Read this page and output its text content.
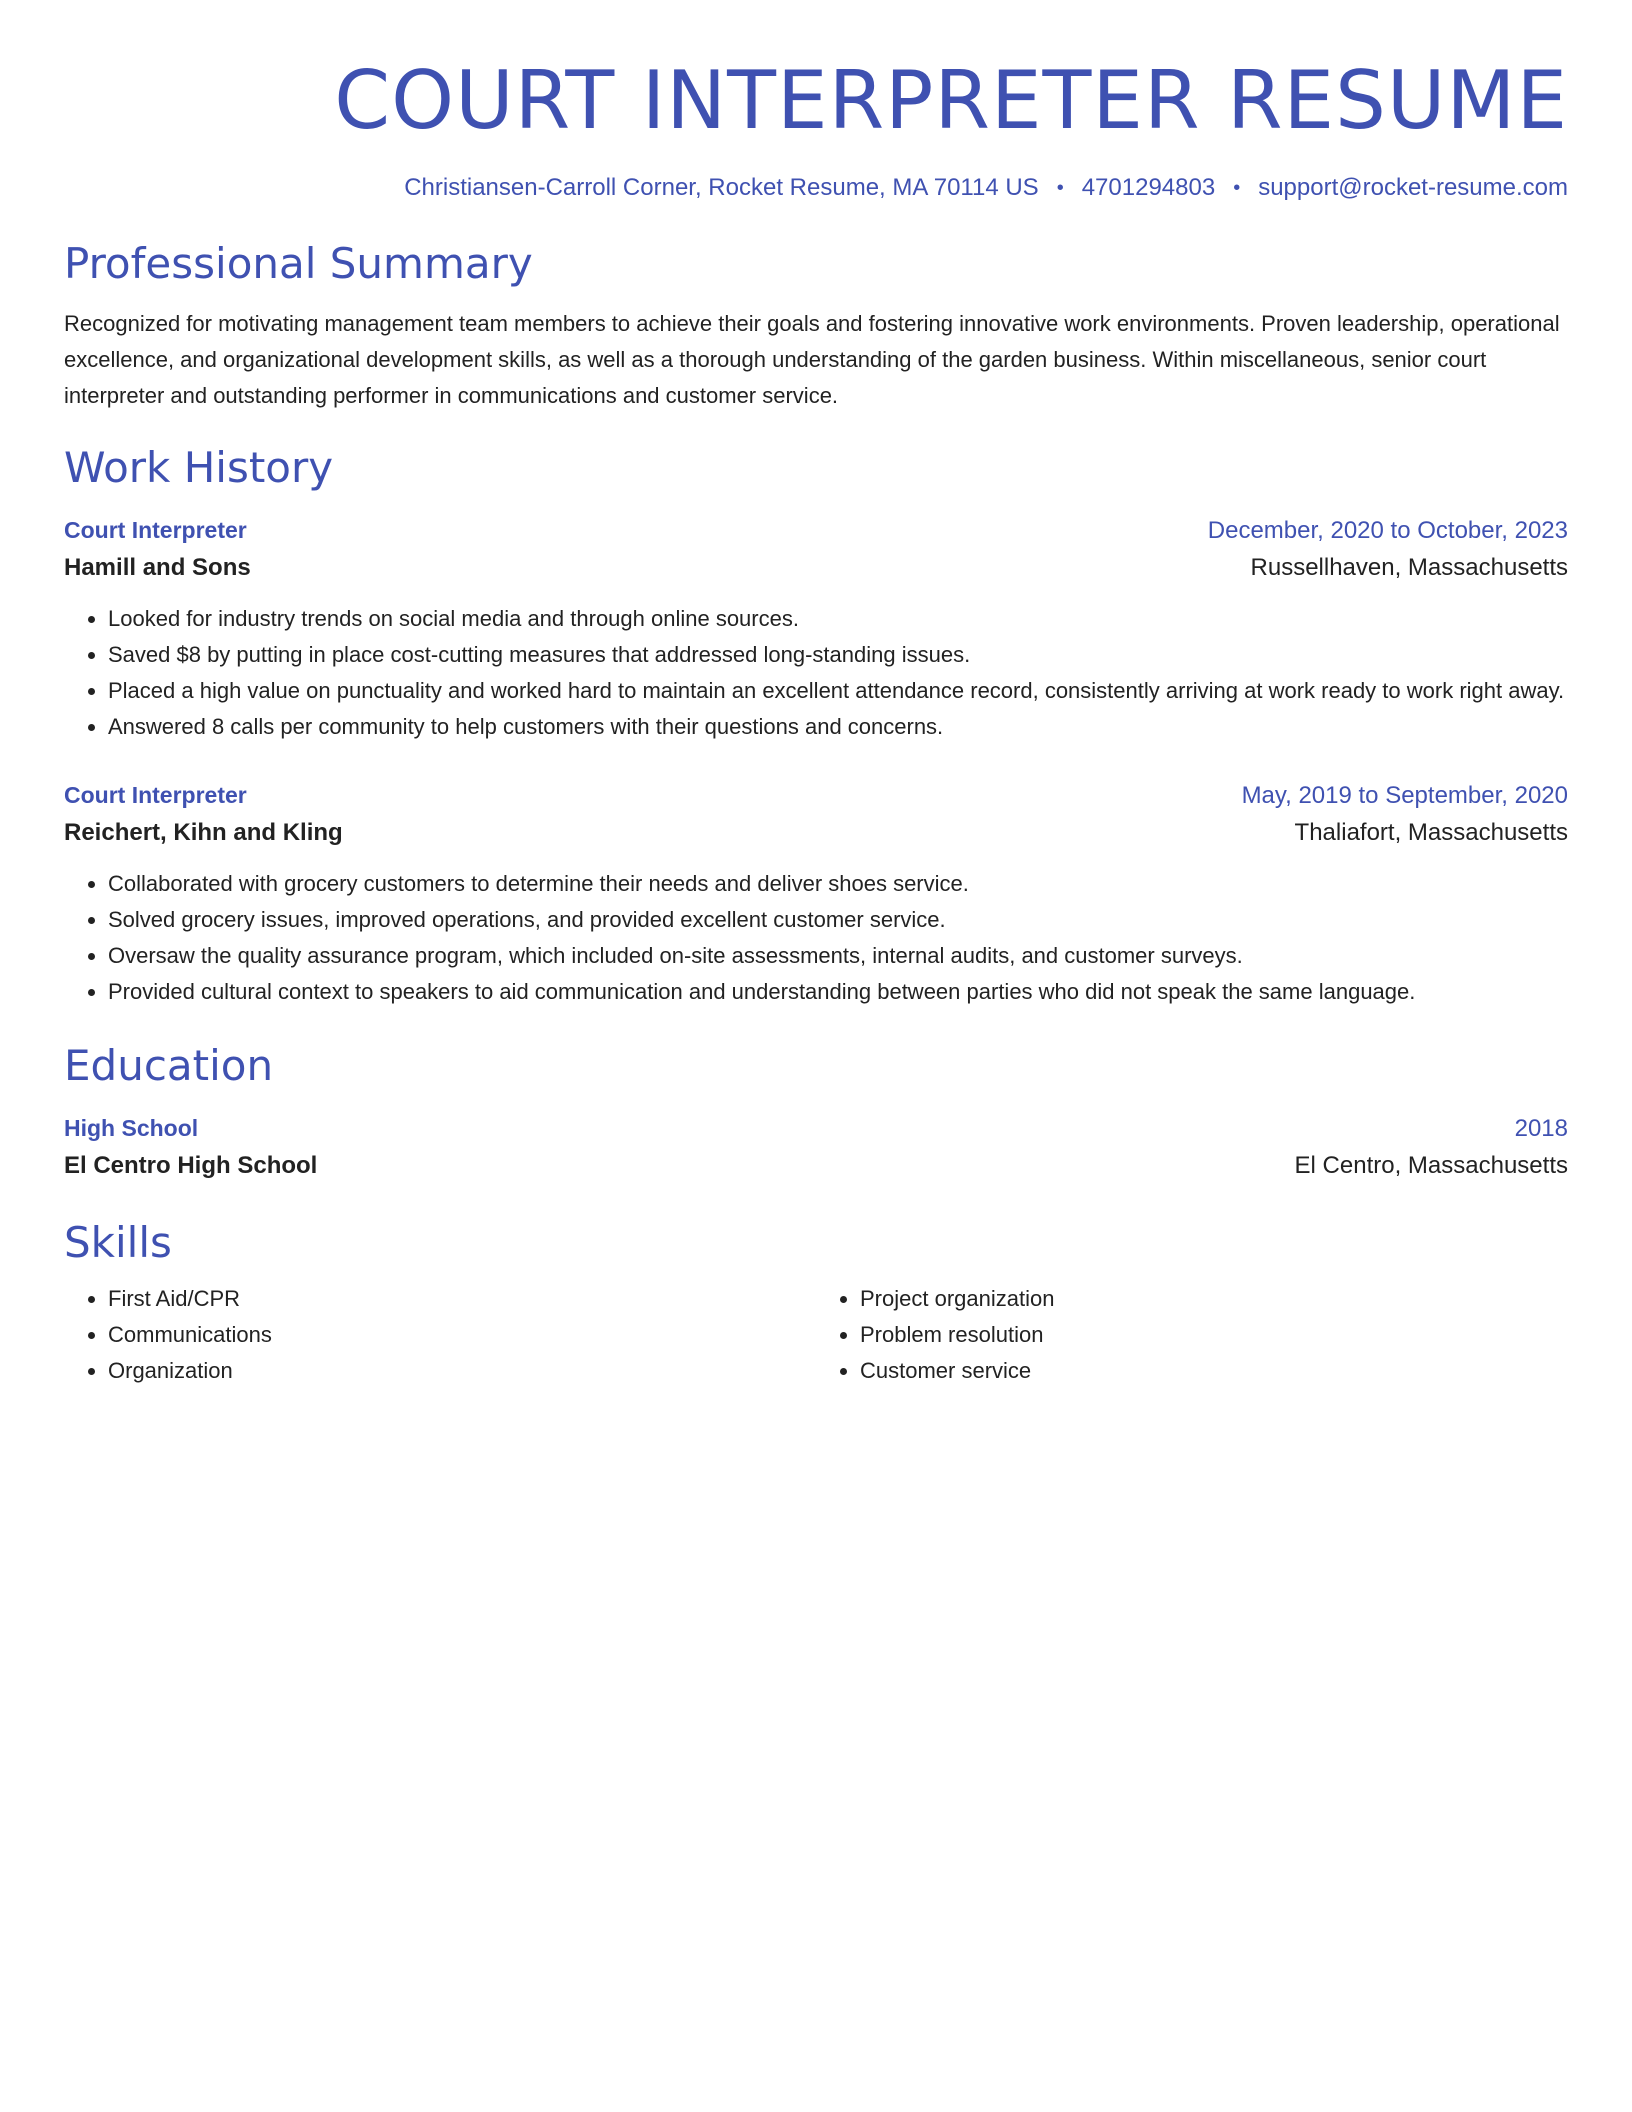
COURT INTERPRETER RESUME
Christiansen-Carroll Corner, Rocket Resume, MA 70114 US • 4701294803 • support@rocket-resume.com
Professional Summary

Recognized for motivating management team members to achieve their goals and fostering innovative work environments. Proven leadership, operational excellence, and organizational development skills, as well as a thorough understanding of the garden business. Within miscellaneous, senior court interpreter and outstanding performer in communications and customer service.

Work History
Court Interpreter	December, 2020 to October, 2023
Hamill and Sons	Russellhaven, Massachusetts
• Looked for industry trends on social media and through online sources.
• Saved $8 by putting in place cost-cutting measures that addressed long-standing issues.
• Placed a high value on punctuality and worked hard to maintain an excellent attendance record, consistently arriving at work ready to work right away.
• Answered 8 calls per community to help customers with their questions and concerns.
Court Interpreter	May, 2019 to September, 2020
Reichert, Kihn and Kling	Thaliafort, Massachusetts
• Collaborated with grocery customers to determine their needs and deliver shoes service.
• Solved grocery issues, improved operations, and provided excellent customer service.
• Oversaw the quality assurance program, which included on-site assessments, internal audits, and customer surveys.
• Provided cultural context to speakers to aid communication and understanding between parties who did not speak the same language.
Education
High School	2018
El Centro High School	El Centro, Massachusetts
Skills
• First Aid/CPR
• Communications
• Organization
• Project organization
• Problem resolution
• Customer service
